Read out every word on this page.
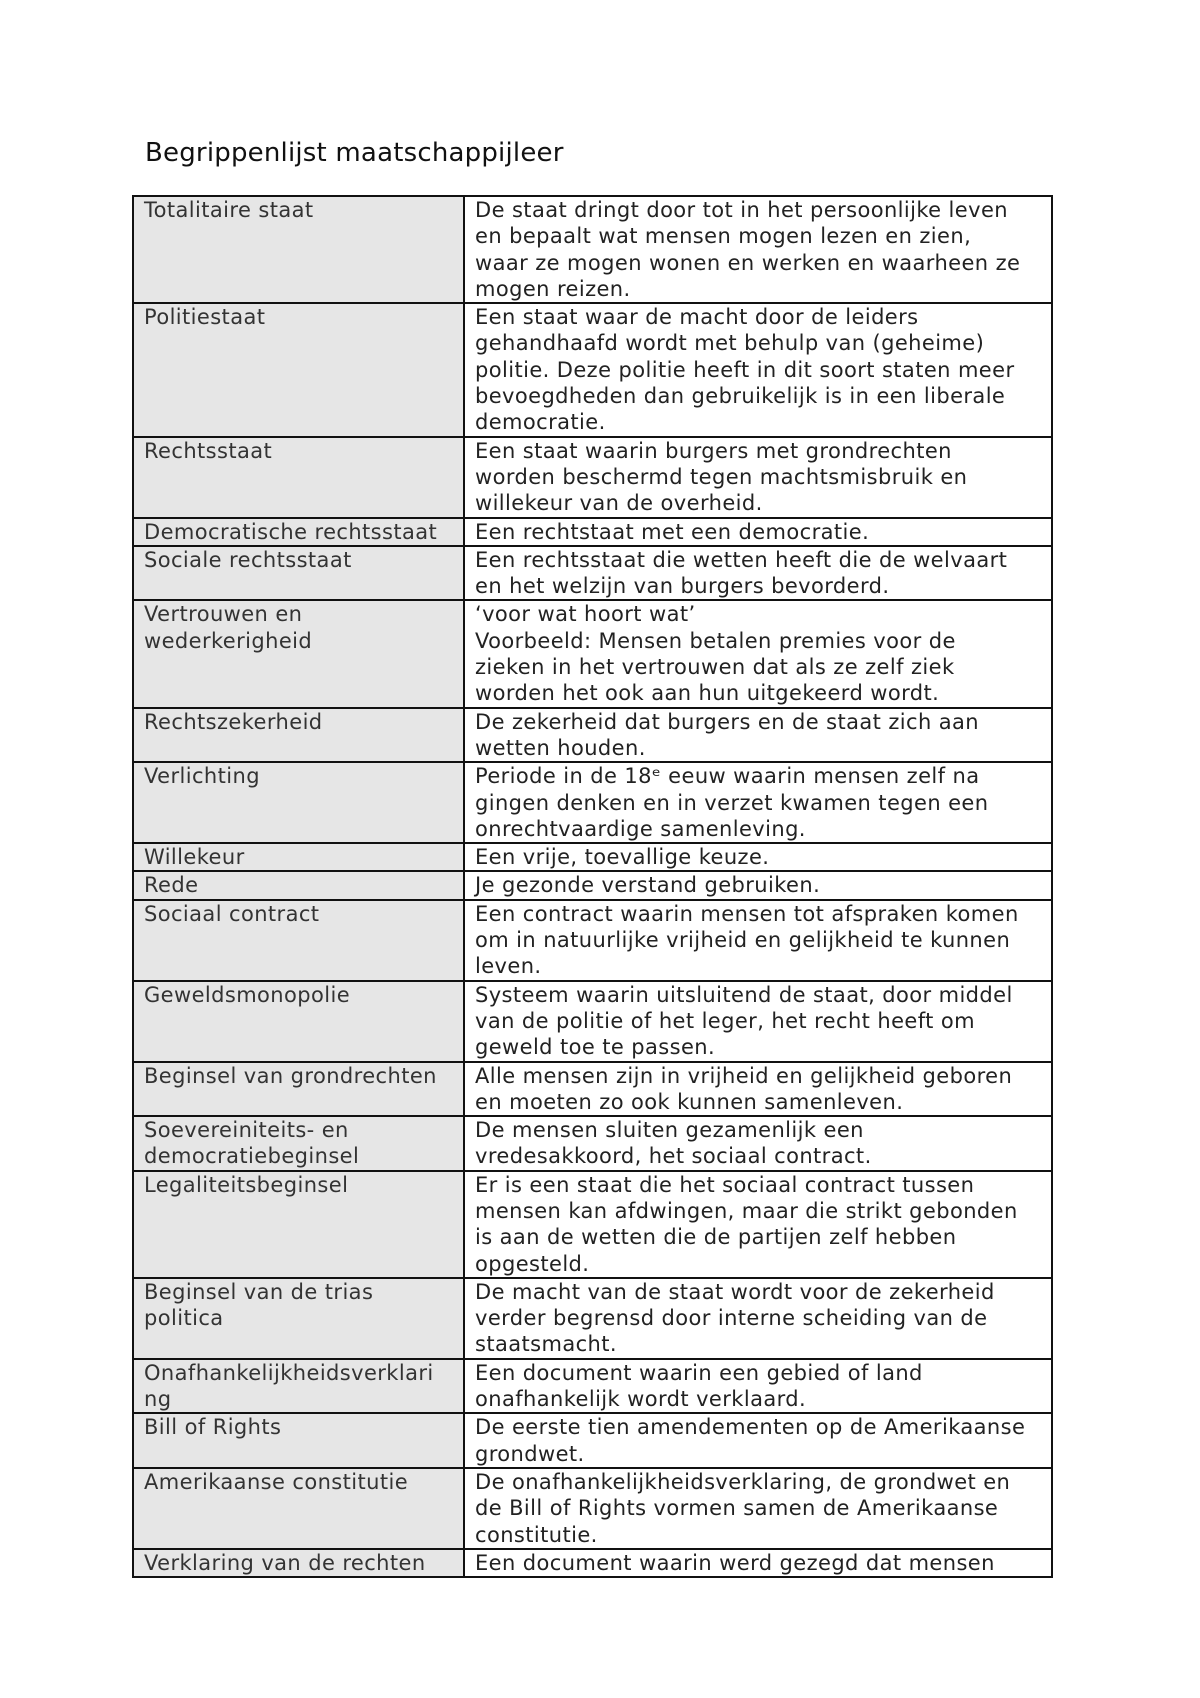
Begrippenlijst maatschappijleer
Totalitaire staat	De staat dringt door tot in het persoonlijke leven
en bepaalt wat mensen mogen lezen en zien,
waar ze mogen wonen en werken en waarheen ze
mogen reizen.

Politiestaat	Een staat waar de macht door de leiders
gehandhaafd wordt met behulp van (geheime)
politie. Deze politie heeft in dit soort staten meer
bevoegdheden dan gebruikelijk is in een liberale
democratie.

Rechtsstaat	Een staat waarin burgers met grondrechten
worden beschermd tegen machtsmisbruik en
willekeur van de overheid.

Democratische rechtsstaat	Een rechtstaat met een democratie.

Sociale rechtsstaat	Een rechtsstaat die wetten heeft die de welvaart
en het welzijn van burgers bevorderd.

Vertrouwen en
wederkerigheid	‘voor wat hoort wat’
Voorbeeld: Mensen betalen premies voor de
zieken in het vertrouwen dat als ze zelf ziek
worden het ook aan hun uitgekeerd wordt.

Rechtszekerheid	De zekerheid dat burgers en de staat zich aan
wetten houden.

Verlichting	Periode in de 18ᵉ eeuw waarin mensen zelf na
gingen denken en in verzet kwamen tegen een
onrechtvaardige samenleving.

Willekeur	Een vrije, toevallige keuze.

Rede	Je gezonde verstand gebruiken.

Sociaal contract	Een contract waarin mensen tot afspraken komen
om in natuurlijke vrijheid en gelijkheid te kunnen
leven.

Geweldsmonopolie	Systeem waarin uitsluitend de staat, door middel
van de politie of het leger, het recht heeft om
geweld toe te passen.

Beginsel van grondrechten	Alle mensen zijn in vrijheid en gelijkheid geboren
en moeten zo ook kunnen samenleven.

Soevereiniteits- en
democratiebeginsel	De mensen sluiten gezamenlijk een
vredesakkoord, het sociaal contract.

Legaliteitsbeginsel	Er is een staat die het sociaal contract tussen
mensen kan afdwingen, maar die strikt gebonden
is aan de wetten die de partijen zelf hebben
opgesteld.

Beginsel van de trias
politica	De macht van de staat wordt voor de zekerheid
verder begrensd door interne scheiding van de
staatsmacht.

Onafhankelijkheidsverklari
ng	Een document waarin een gebied of land
onafhankelijk wordt verklaard.

Bill of Rights	De eerste tien amendementen op de Amerikaanse
grondwet.

Amerikaanse constitutie	De onafhankelijkheidsverklaring, de grondwet en
de Bill of Rights vormen samen de Amerikaanse
constitutie.

Verklaring van de rechten	Een document waarin werd gezegd dat mensen
